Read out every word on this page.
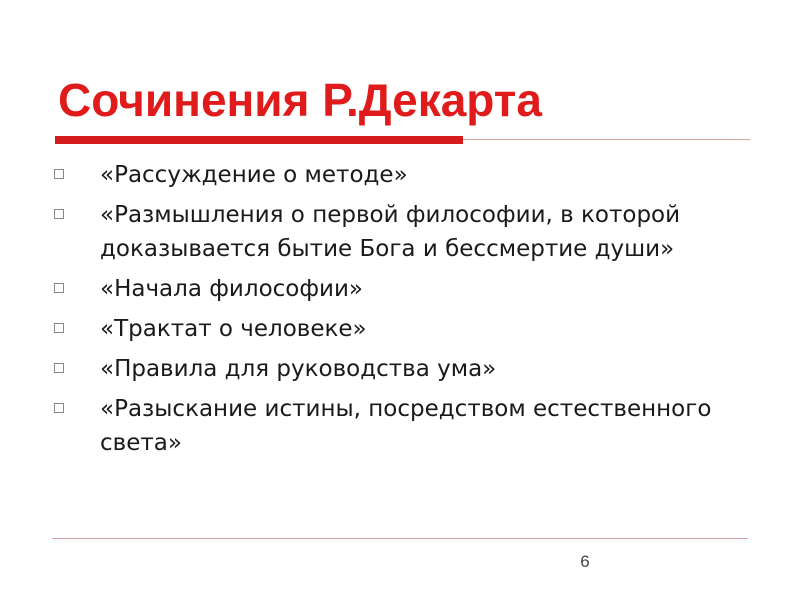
Сочинения Р.Декарта
«Рассуждение о методе»
«Размышления о первой философии, в которой доказывается бытие Бога и бессмертие души»
«Начала философии»
«Трактат о человеке»
«Правила для руководства ума»
«Разыскание истины, посредством естественного света»
6
